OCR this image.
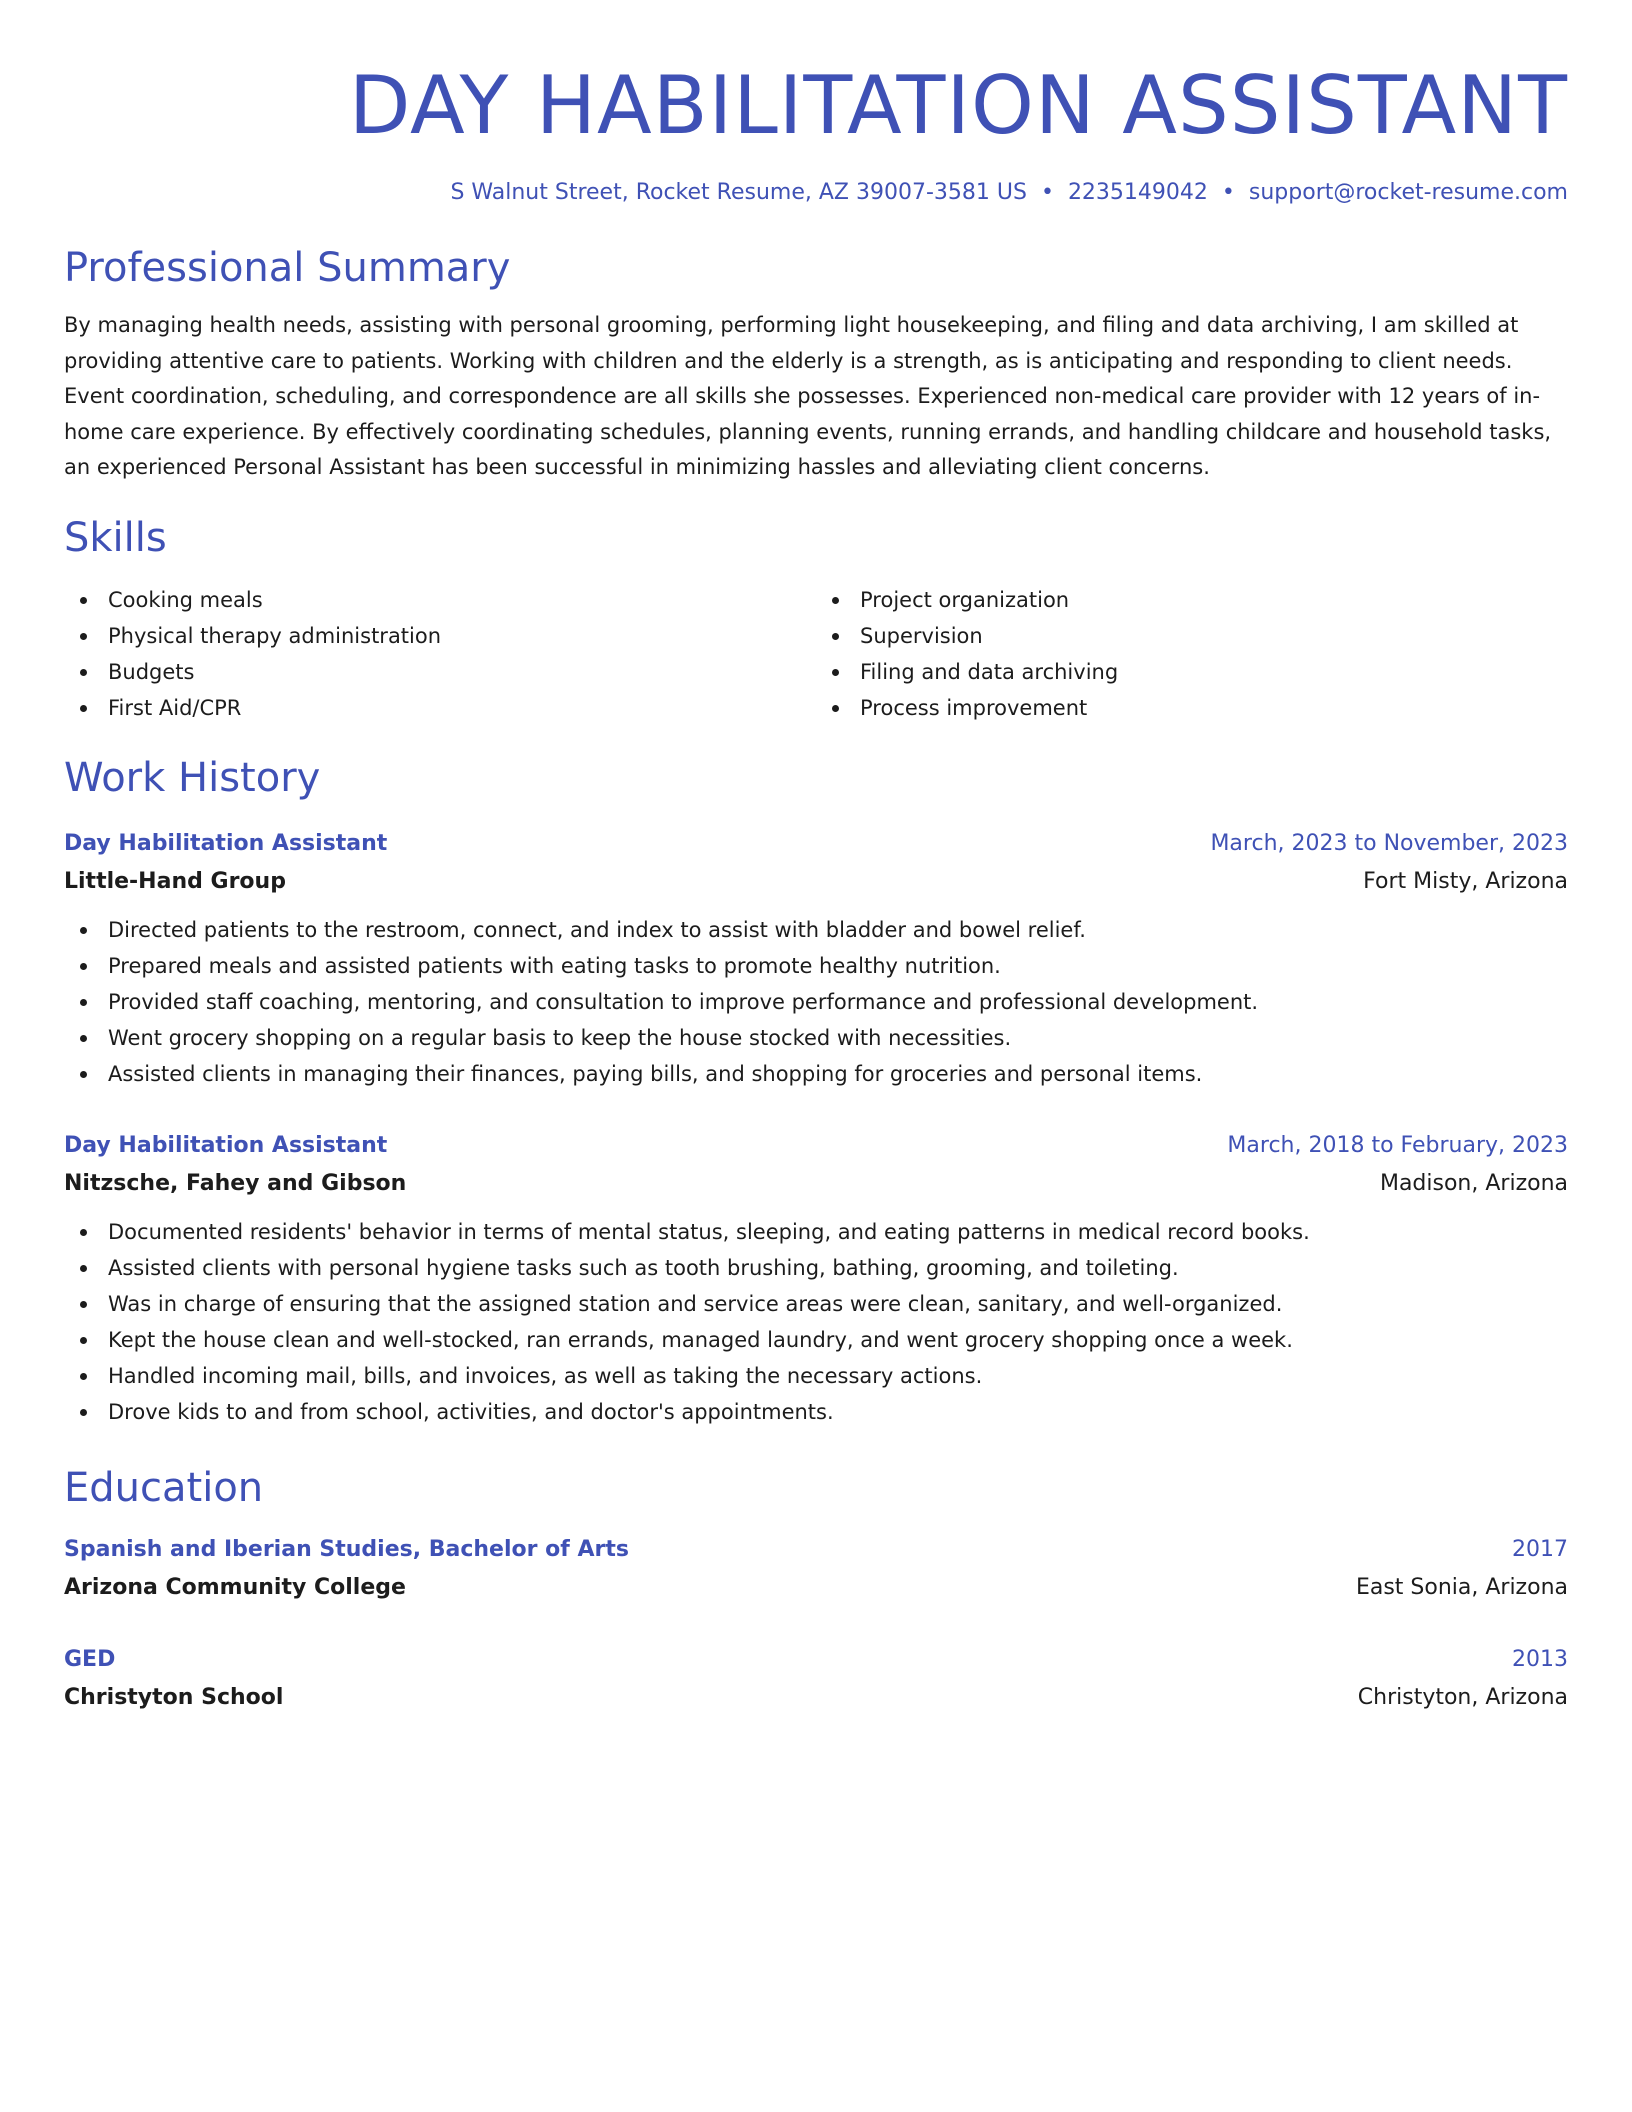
DAY HABILITATION ASSISTANT
S Walnut Street, Rocket Resume, AZ 39007-3581 US • 2235149042 • support@rocket-resume.com
Professional Summary
By managing health needs, assisting with personal grooming, performing light housekeeping, and filing and data archiving, I am skilled at providing attentive care to patients. Working with children and the elderly is a strength, as is anticipating and responding to client needs. Event coordination, scheduling, and correspondence are all skills she possesses. Experienced non-medical care provider with 12 years of in-home care experience. By effectively coordinating schedules, planning events, running errands, and handling childcare and household tasks, an experienced Personal Assistant has been successful in minimizing hassles and alleviating client concerns.
Skills
Cooking meals
Physical therapy administration
Budgets
First Aid/CPR
Project organization
Supervision
Filing and data archiving
Process improvement
Work History
Day Habilitation Assistant	March, 2023 to November, 2023
Little-Hand Group	Fort Misty, Arizona
Directed patients to the restroom, connect, and index to assist with bladder and bowel relief.
Prepared meals and assisted patients with eating tasks to promote healthy nutrition.
Provided staff coaching, mentoring, and consultation to improve performance and professional development.
Went grocery shopping on a regular basis to keep the house stocked with necessities.
Assisted clients in managing their finances, paying bills, and shopping for groceries and personal items.
Day Habilitation Assistant	March, 2018 to February, 2023
Nitzsche, Fahey and Gibson	Madison, Arizona
Documented residents' behavior in terms of mental status, sleeping, and eating patterns in medical record books.
Assisted clients with personal hygiene tasks such as tooth brushing, bathing, grooming, and toileting.
Was in charge of ensuring that the assigned station and service areas were clean, sanitary, and well-organized.
Kept the house clean and well-stocked, ran errands, managed laundry, and went grocery shopping once a week.
Handled incoming mail, bills, and invoices, as well as taking the necessary actions.
Drove kids to and from school, activities, and doctor's appointments.
Education
Spanish and Iberian Studies, Bachelor of Arts	2017
Arizona Community College	East Sonia, Arizona
GED	2013
Christyton School	Christyton, Arizona
